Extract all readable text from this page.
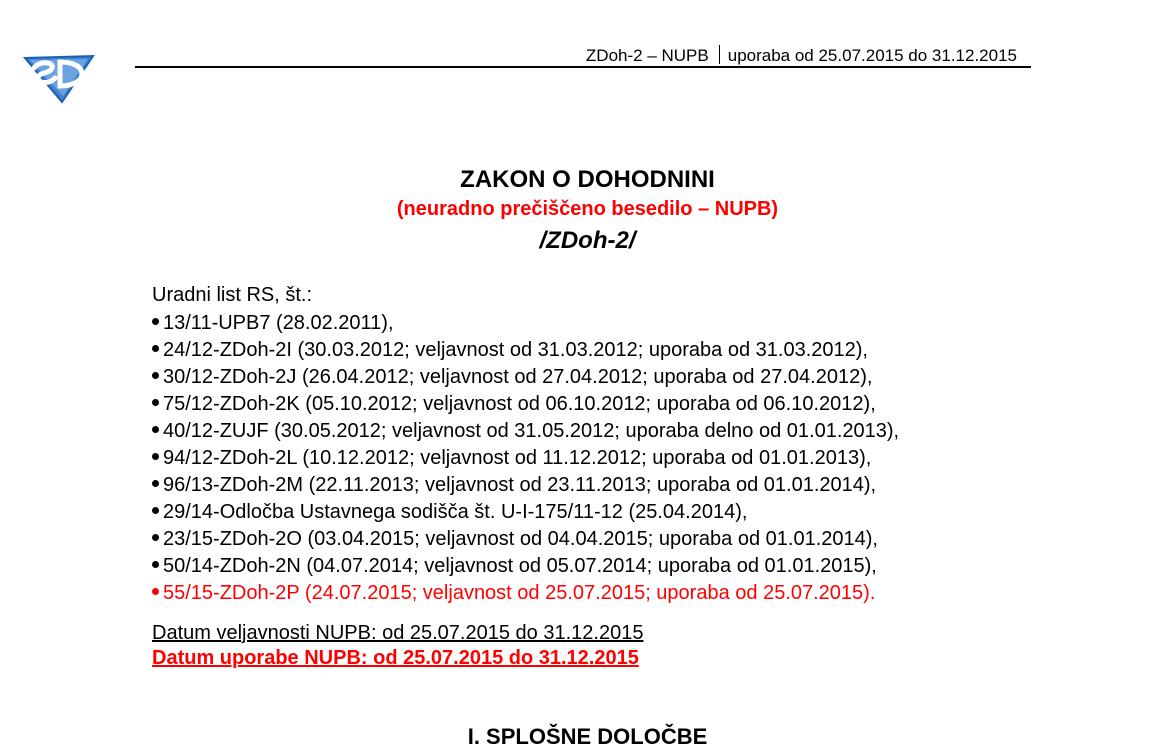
ZDoh-2 – NUPB uporaba od 25.07.2015 do 31.12.2015
ZAKON O DOHODNINI
(neuradno prečiščeno besedilo – NUPB)
/ZDoh-2/
Uradni list RS, št.:
13/11-UPB7 (28.02.2011),
24/12-ZDoh-2I (30.03.2012; veljavnost od 31.03.2012; uporaba od 31.03.2012),
30/12-ZDoh-2J (26.04.2012; veljavnost od 27.04.2012; uporaba od 27.04.2012),
75/12-ZDoh-2K (05.10.2012; veljavnost od 06.10.2012; uporaba od 06.10.2012),
40/12-ZUJF (30.05.2012; veljavnost od 31.05.2012; uporaba delno od 01.01.2013),
94/12-ZDoh-2L (10.12.2012; veljavnost od 11.12.2012; uporaba od 01.01.2013),
96/13-ZDoh-2M (22.11.2013; veljavnost od 23.11.2013; uporaba od 01.01.2014),
29/14-Odločba Ustavnega sodišča št. U-I-175/11-12 (25.04.2014),
23/15-ZDoh-2O (03.04.2015; veljavnost od 04.04.2015; uporaba od 01.01.2014),
50/14-ZDoh-2N (04.07.2014; veljavnost od 05.07.2014; uporaba od 01.01.2015),
55/15-ZDoh-2P (24.07.2015; veljavnost od 25.07.2015; uporaba od 25.07.2015).
Datum veljavnosti NUPB: od 25.07.2015 do 31.12.2015
Datum uporabe NUPB: od 25.07.2015 do 31.12.2015
I. SPLOŠNE DOLOČBE
